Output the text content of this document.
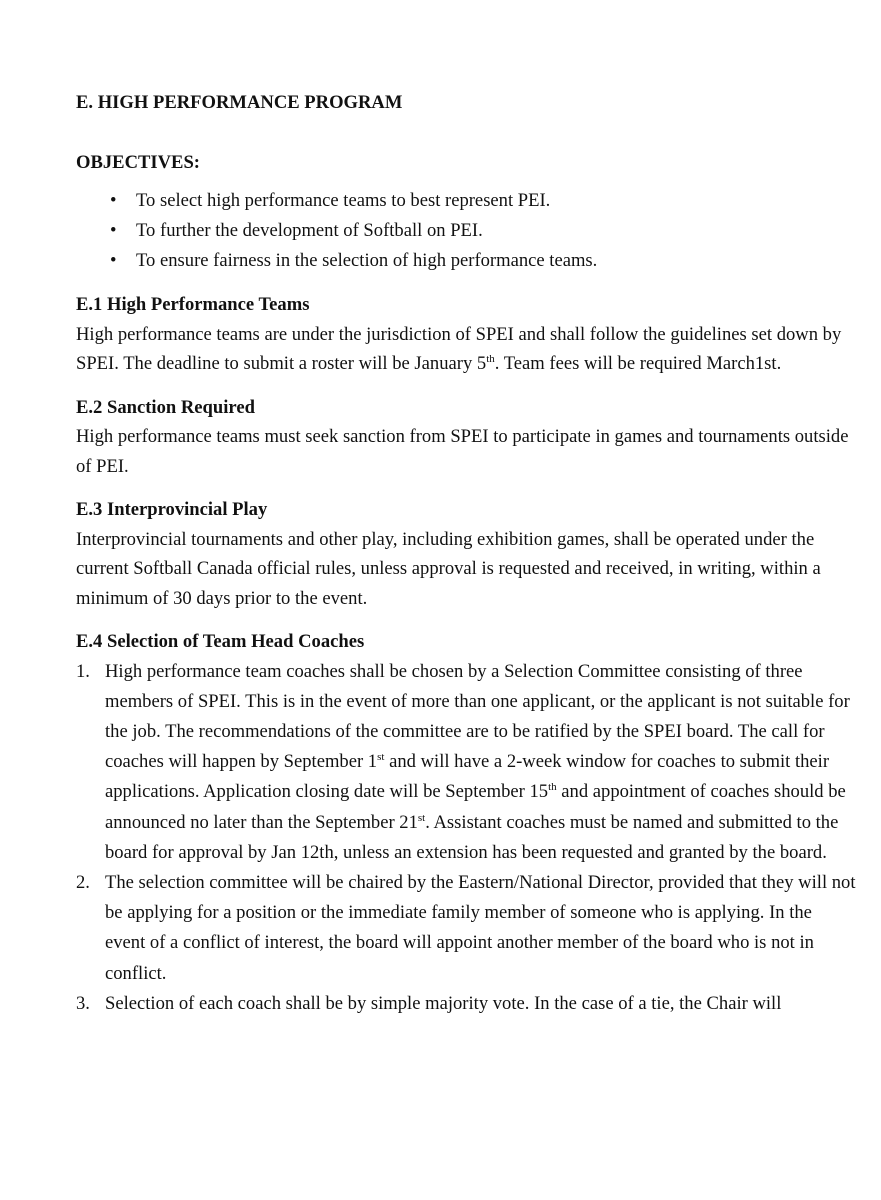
E. HIGH PERFORMANCE PROGRAM
OBJECTIVES:
• To select high performance teams to best represent PEI.
• To further the development of Softball on PEI.
• To ensure fairness in the selection of high performance teams.
E.1 High Performance Teams
High performance teams are under the jurisdiction of SPEI and shall follow the guidelines set down by SPEI. The deadline to submit a roster will be January 5th. Team fees will be required March1st.
E.2 Sanction Required
High performance teams must seek sanction from SPEI to participate in games and tournaments outside of PEI.
E.3 Interprovincial Play
Interprovincial tournaments and other play, including exhibition games, shall be operated under the current Softball Canada official rules, unless approval is requested and received, in writing, within a minimum of 30 days prior to the event.
E.4 Selection of Team Head Coaches
1. High performance team coaches shall be chosen by a Selection Committee consisting of three members of SPEI. This is in the event of more than one applicant, or the applicant is not suitable for the job. The recommendations of the committee are to be ratified by the SPEI board. The call for coaches will happen by September 1st and will have a 2-week window for coaches to submit their applications. Application closing date will be September 15th and appointment of coaches should be announced no later than the September 21st. Assistant coaches must be named and submitted to the board for approval by Jan 12th, unless an extension has been requested and granted by the board.
2. The selection committee will be chaired by the Eastern/National Director, provided that they will not be applying for a position or the immediate family member of someone who is applying. In the event of a conflict of interest, the board will appoint another member of the board who is not in conflict.
3. Selection of each coach shall be by simple majority vote. In the case of a tie, the Chair will
